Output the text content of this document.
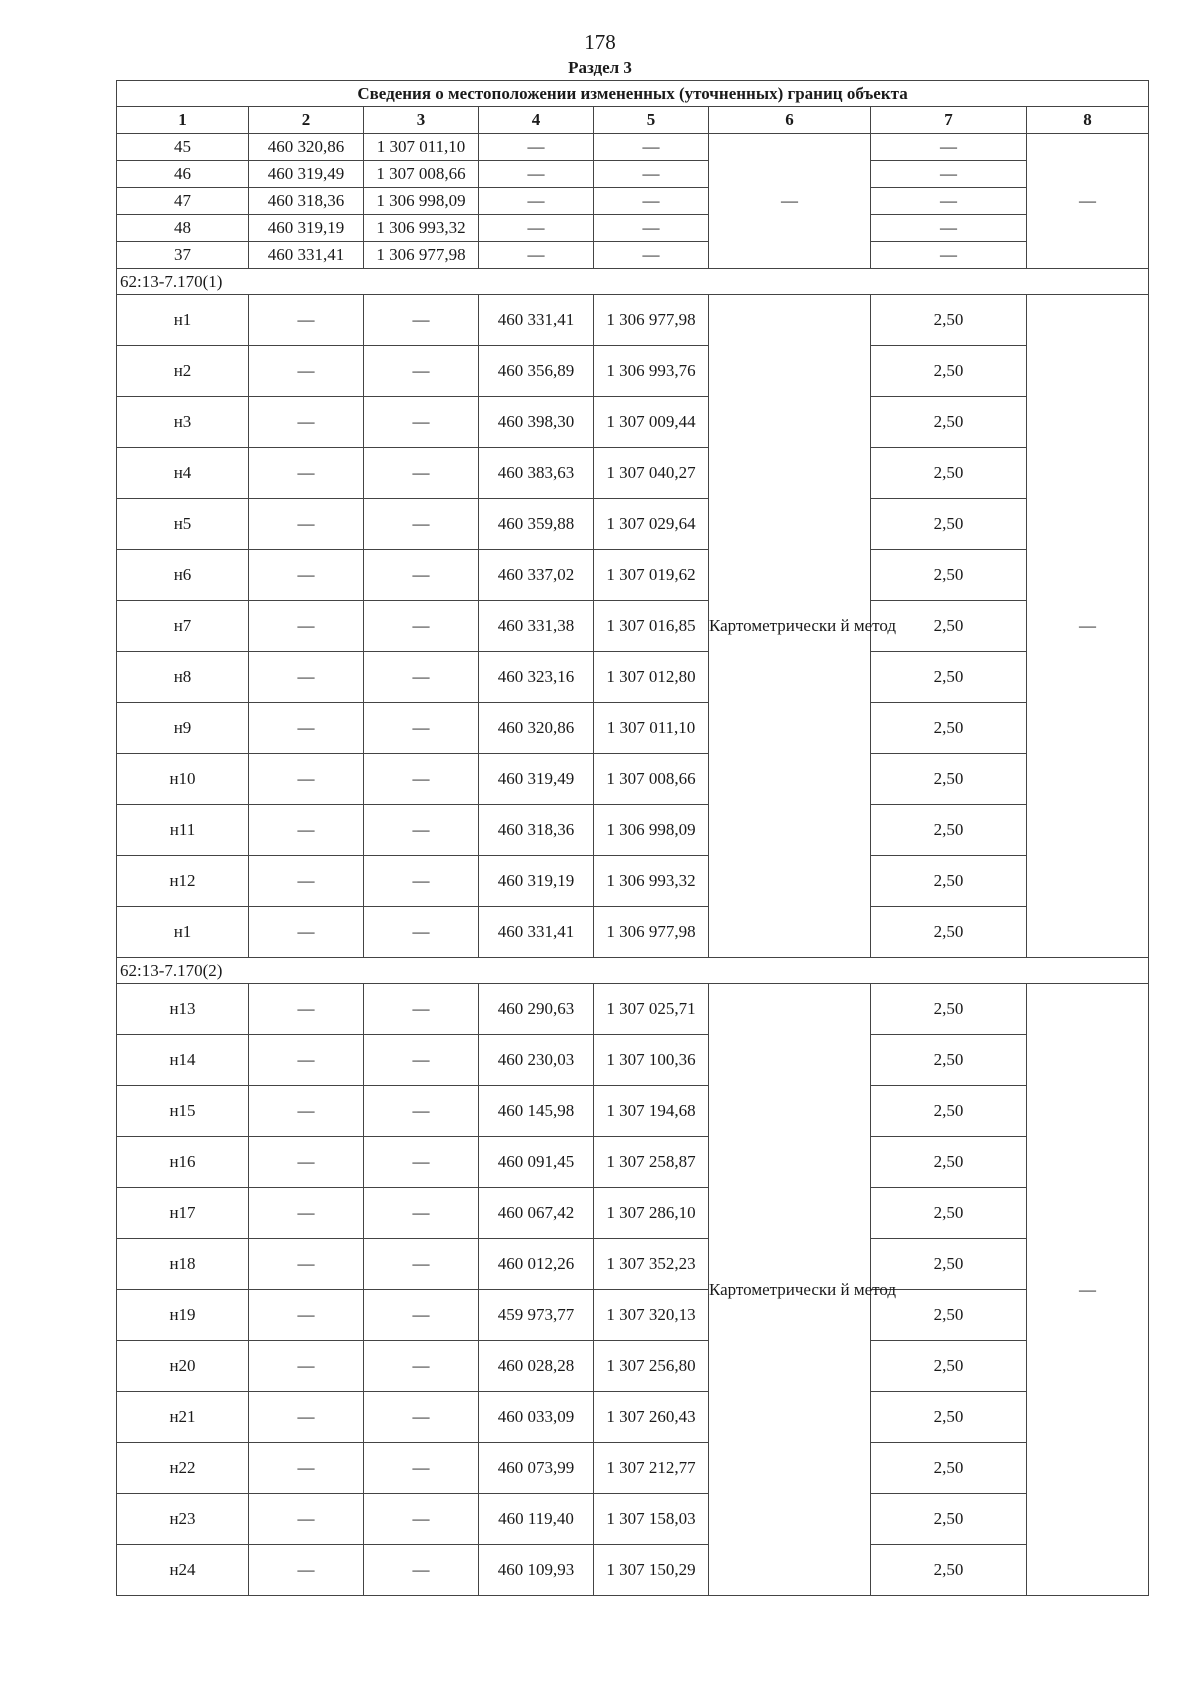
178
Раздел 3
Сведения о местоположении измененных (уточненных) границ объекта							
1	2	3	4	5	6	7	8
45	460 320,86	1 307 011,10	—	—	—	—	—
46	460 319,49	1 307 008,66	—	—		—	
47	460 318,36	1 306 998,09	—	—		—	
48	460 319,19	1 306 993,32	—	—		—	
37	460 331,41	1 306 977,98	—	—		—	
62:13-7.170(1)							
н1	—	—	460 331,41	1 306 977,98	Картометрически й метод	2,50	—
н2	—	—	460 356,89	1 306 993,76		2,50	
н3	—	—	460 398,30	1 307 009,44		2,50	
н4	—	—	460 383,63	1 307 040,27		2,50	
н5	—	—	460 359,88	1 307 029,64		2,50	
н6	—	—	460 337,02	1 307 019,62		2,50	
н7	—	—	460 331,38	1 307 016,85		2,50	
н8	—	—	460 323,16	1 307 012,80		2,50	
н9	—	—	460 320,86	1 307 011,10		2,50	
н10	—	—	460 319,49	1 307 008,66		2,50	
н11	—	—	460 318,36	1 306 998,09		2,50	
н12	—	—	460 319,19	1 306 993,32		2,50	
н1	—	—	460 331,41	1 306 977,98		2,50	
62:13-7.170(2)							
н13	—	—	460 290,63	1 307 025,71	Картометрически й метод	2,50	—
н14	—	—	460 230,03	1 307 100,36		2,50	
н15	—	—	460 145,98	1 307 194,68		2,50	
н16	—	—	460 091,45	1 307 258,87		2,50	
н17	—	—	460 067,42	1 307 286,10		2,50	
н18	—	—	460 012,26	1 307 352,23		2,50	
н19	—	—	459 973,77	1 307 320,13		2,50	
н20	—	—	460 028,28	1 307 256,80		2,50	
н21	—	—	460 033,09	1 307 260,43		2,50	
н22	—	—	460 073,99	1 307 212,77		2,50	
н23	—	—	460 119,40	1 307 158,03		2,50	
н24	—	—	460 109,93	1 307 150,29		2,50	
